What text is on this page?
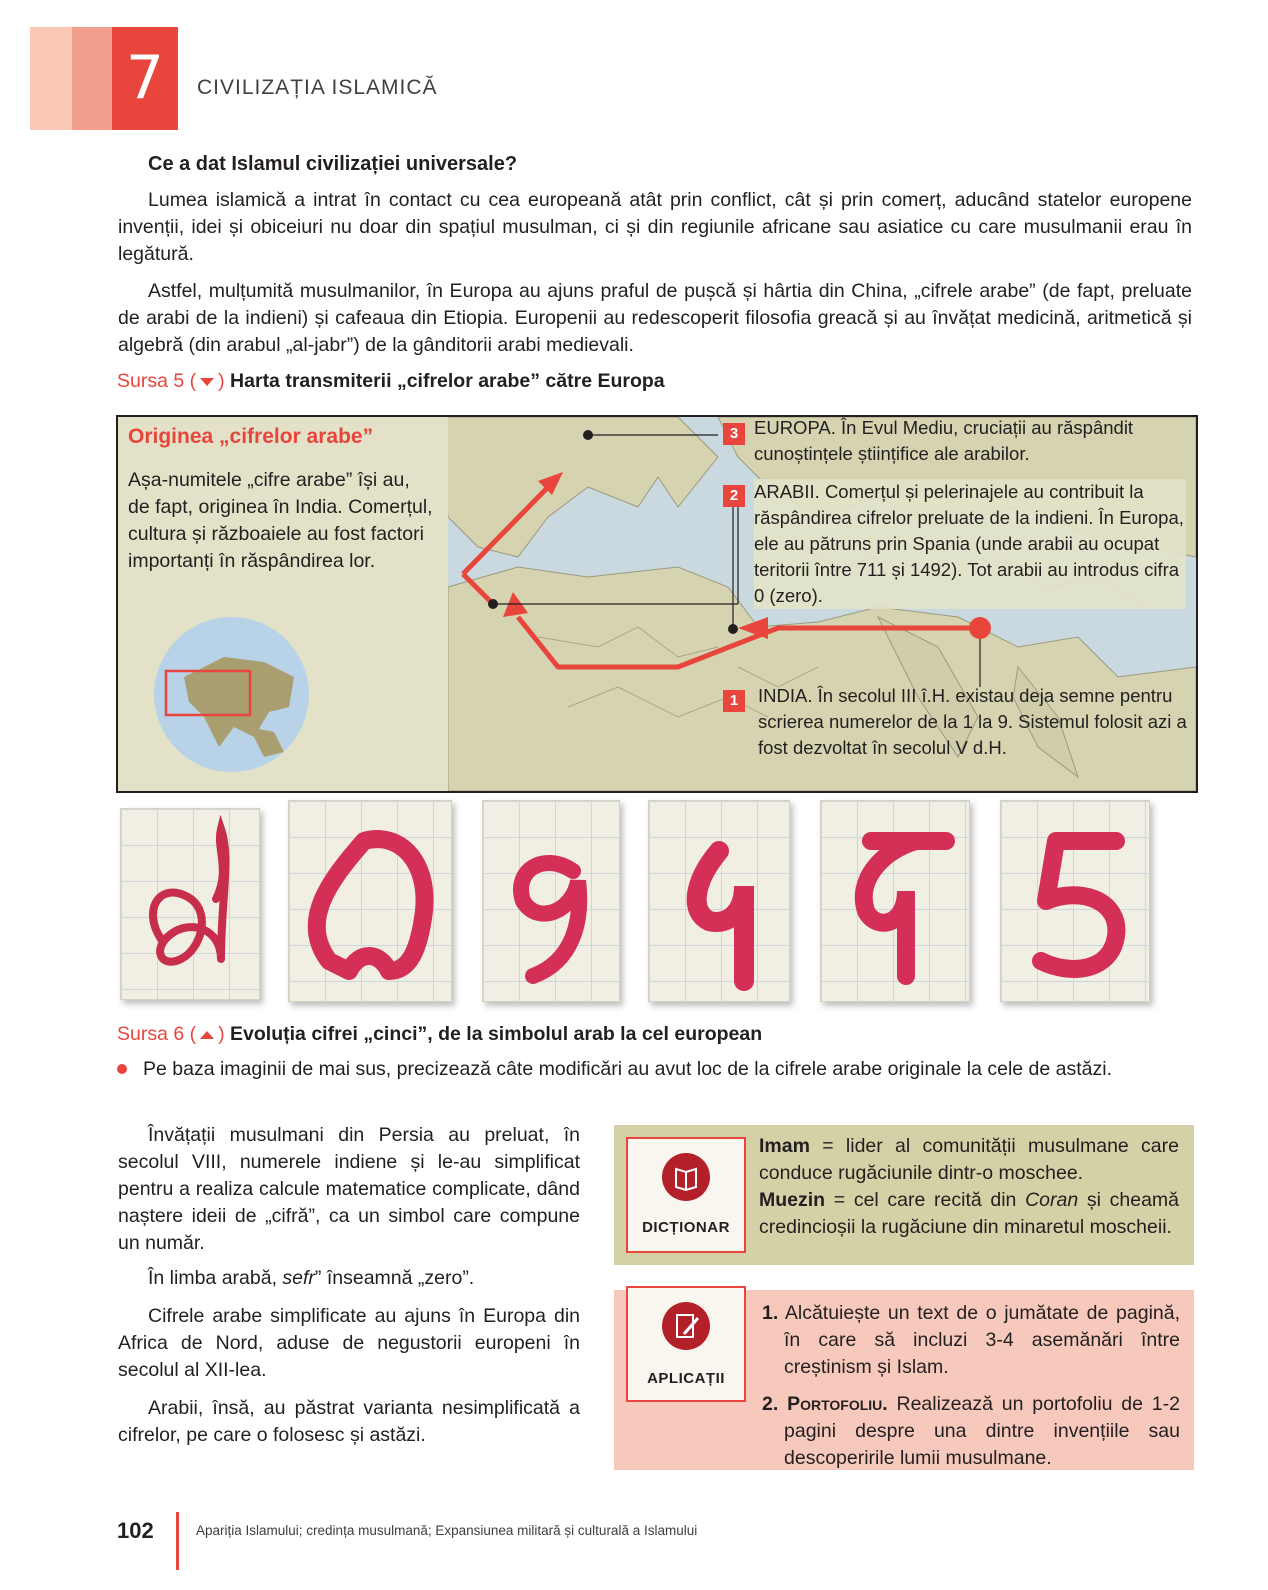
7	CIVILIZAȚIA ISLAMICĂ
Ce a dat Islamul civilizației universale?
Lumea islamică a intrat în contact cu cea europeană atât prin conflict, cât și prin comerț, aducând statelor europene invenții, idei și obiceiuri nu doar din spațiul musulman, ci și din regiunile africane sau asiatice cu care musulmanii erau în legătură.
Astfel, mulțumită musulmanilor, în Europa au ajuns praful de pușcă și hârtia din China, „cifrele arabe” (de fapt, preluate de arabi de la indieni) și cafeaua din Etiopia. Europenii au redescoperit filosofia greacă și au învățat medicină, aritmetică și algebră (din arabul „al-jabr”) de la gânditorii arabi medievali.
Sursa 5 ( ) Harta transmiterii „cifrelor arabe” către Europa
Originea „cifrelor arabe”
Așa-numitele „cifre arabe” își au, de fapt, originea în India. Comerțul, cultura și războaiele au fost factori importanți în răspândirea lor.
3 EUROPA. În Evul Mediu, cruciații au răspândit cunoștințele științifice ale arabilor.
2 ARABII. Comerțul și pelerinajele au contribuit la răspândirea cifrelor preluate de la indieni. În Europa, ele au pătruns prin Spania (unde arabii au ocupat teritorii între 711 și 1492). Tot arabii au introdus cifra 0 (zero).
1	INDIA. În secolul III î.H. existau deja semne pentru scrierea numerelor de la 1 la 9. Sistemul folosit azi a fost dezvoltat în secolul V d.H.
Sursa 6 ( ) Evoluția cifrei „cinci”, de la simbolul arab la cel european
Pe baza imaginii de mai sus, precizează câte modificări au avut loc de la cifrele arabe originale la cele de astăzi.
Învățații musulmani din Persia au preluat, în secolul VIII, numerele indiene și le-au simplificat pentru a realiza calcule matematice complicate, dând naștere ideii de „cifră”, ca un simbol care compune un număr.
În limba arabă, sefr” înseamnă „zero”.
Cifrele arabe simplificate au ajuns în Europa din Africa de Nord, aduse de negustorii europeni în secolul al XII-lea.
Arabii, însă, au păstrat varianta nesimplificată a cifrelor, pe care o folosesc și astăzi.
DICȚIONAR
Imam = lider al comunității musulmane care conduce rugăciunile dintr-o moschee.
Muezin = cel care recită din Coran și cheamă credincioșii la rugăciune din minaretul moscheii.
APLICAȚII
1. Alcătuiește un text de o jumătate de pagină, în care să incluzi 3-4 asemănări între creștinism și Islam.
2. Portofoliu. Realizează un portofoliu de 1-2 pagini despre una dintre invențiile sau descoperirile lumii musulmane.
102	Apariția Islamului; credința musulmană; Expansiunea militară și culturală a Islamului
